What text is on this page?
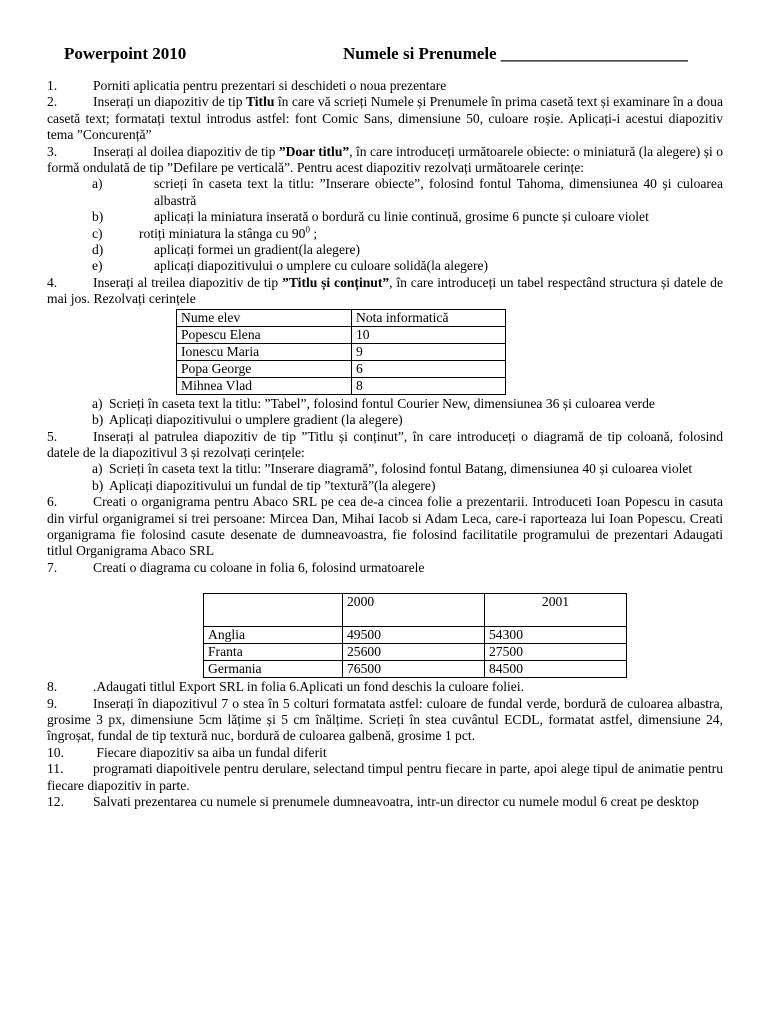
Powerpoint 2010	Numele si Prenumele ______________________

1.	Porniti aplicatia pentru prezentari si deschideti o noua prezentare

2.	Inserați un diapozitiv de tip Titlu în care vă scrieți Numele și Prenumele în prima casetă text și examinare în a doua casetă text; formatați textul introdus astfel: font Comic Sans, dimensiune 50, culoare roșie. Aplicați-i acestui diapozitiv tema ”Concurență”

3.	Inserați al doilea diapozitiv de tip ”Doar titlu”, în care introduceți următoarele obiecte: o miniatură (la alegere) și o formă ondulată de tip ”Defilare pe verticală”. Pentru acest diapozitiv rezolvați următoarele cerințe:

a)	scrieți în caseta text la titlu: ”Inserare obiecte”, folosind fontul Tahoma, dimensiunea 40 și culoarea albastră

b)	aplicați la miniatura inserată o bordură cu linie continuă, grosime 6 puncte și culoare violet

c)	rotiți miniatura la stânga cu $90^0$ ;

d)	aplicați formei un gradient(la alegere)

e)	aplicați diapozitivului o umplere cu culoare solidă(la alegere)

4.	Inserați al treilea diapozitiv de tip ”Titlu și conținut”, în care introduceți un tabel respectând structura și datele de mai jos. Rezolvați cerințele

Nume elev	Nota informatică
Popescu Elena	10
Ionescu Maria	9
Popa George	6
Mihnea Vlad	8

a) Scrieți în caseta text la titlu: ”Tabel”, folosind fontul Courier New, dimensiunea 36 și culoarea verde

b) Aplicați diapozitivului o umplere gradient (la alegere)

5.	Inserați al patrulea diapozitiv de tip ”Titlu și conținut”, în care introduceți o diagramă de tip coloană, folosind datele de la diapozitivul 3 și rezolvați cerințele:

a) Scrieți în caseta text la titlu: ”Inserare diagramă”, folosind fontul Batang, dimensiunea 40 și culoarea violet

b) Aplicați diapozitivului un fundal de tip ”textură”(la alegere)

6.	Creati o organigrama pentru Abaco SRL pe cea de-a cincea folie a prezentarii. Introduceti Ioan Popescu in casuta din virful organigramei si trei persoane: Mircea Dan, Mihai Iacob si Adam Leca, care-i raporteaza lui Ioan Popescu. Creati organigrama fie folosind casute desenate de dumneavoastra, fie folosind facilitatile programului de prezentari Adaugati titlul Organigrama Abaco SRL

7.	Creati o diagrama cu coloane in folia 6, folosind urmatoarele

	2000	2001
Anglia	49500	54300
Franta	25600	27500
Germania	76500	84500

8.	.Adaugati titlul Export SRL in folia 6.Aplicati un fond deschis la culoare foliei.

9.	Inserați în diapozitivul 7 o stea în 5 colturi formatata astfel: culoare de fundal verde, bordură de culoarea albastra, grosime 3 px, dimensiune 5cm lățime și 5 cm înălțime. Scrieți în stea cuvântul ECDL, formatat astfel, dimensiune 24, îngroșat, fundal de tip textură nuc, bordură de culoarea galbenă, grosime 1 pct.

10. Fiecare diapozitiv sa aiba un fundal diferit

11. programati diapoitivele pentru derulare, selectand timpul pentru fiecare in parte, apoi alege tipul de animatie pentru fiecare diapozitiv in parte.

12. Salvati prezentarea cu numele si prenumele dumneavoatra, intr-un director cu numele modul 6 creat pe desktop
